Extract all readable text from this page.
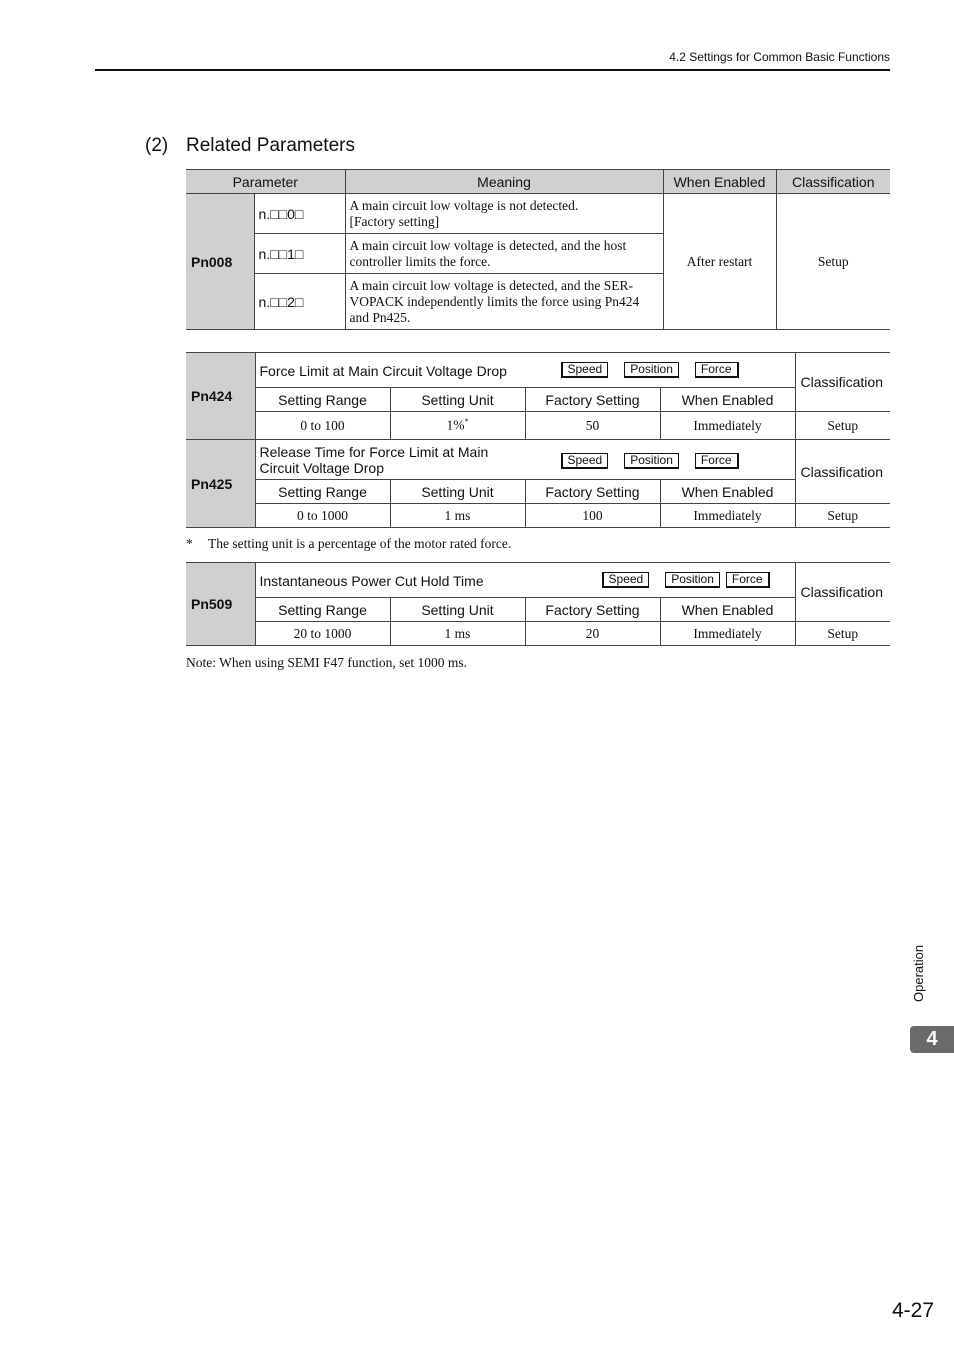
4.2 Settings for Common Basic Functions
(2) Related Parameters
Parameter		Meaning	When Enabled	Classification
Pn008	n.□□0□	A main circuit low voltage is not detected.
[Factory setting]	After restart	Setup
	n.□□1□	A main circuit low voltage is detected, and the host
controller limits the force.		
	n.□□2□	A main circuit low voltage is detected, and the SER-
VOPACK independently limits the force using Pn424
and Pn425.		
Pn424	Force Limit at Main Circuit Voltage Drop Speed Position Force				Classification
	Setting Range	Setting Unit	Factory Setting	When Enabled	
	0 to 100	1%*	50	Immediately	Setup
Pn425	Release Time for Force Limit at Main
Circuit Voltage Drop Speed Position Force				Classification
	Setting Range	Setting Unit	Factory Setting	When Enabled	
	0 to 1000	1 ms	100	Immediately	Setup
* The setting unit is a percentage of the motor rated force.
Pn509	Instantaneous Power Cut Hold Time Speed Position Force				Classification
	Setting Range	Setting Unit	Factory Setting	When Enabled	
	20 to 1000	1 ms	20	Immediately	Setup
Note: When using SEMI F47 function, set 1000 ms.
Operation
4
4-27
